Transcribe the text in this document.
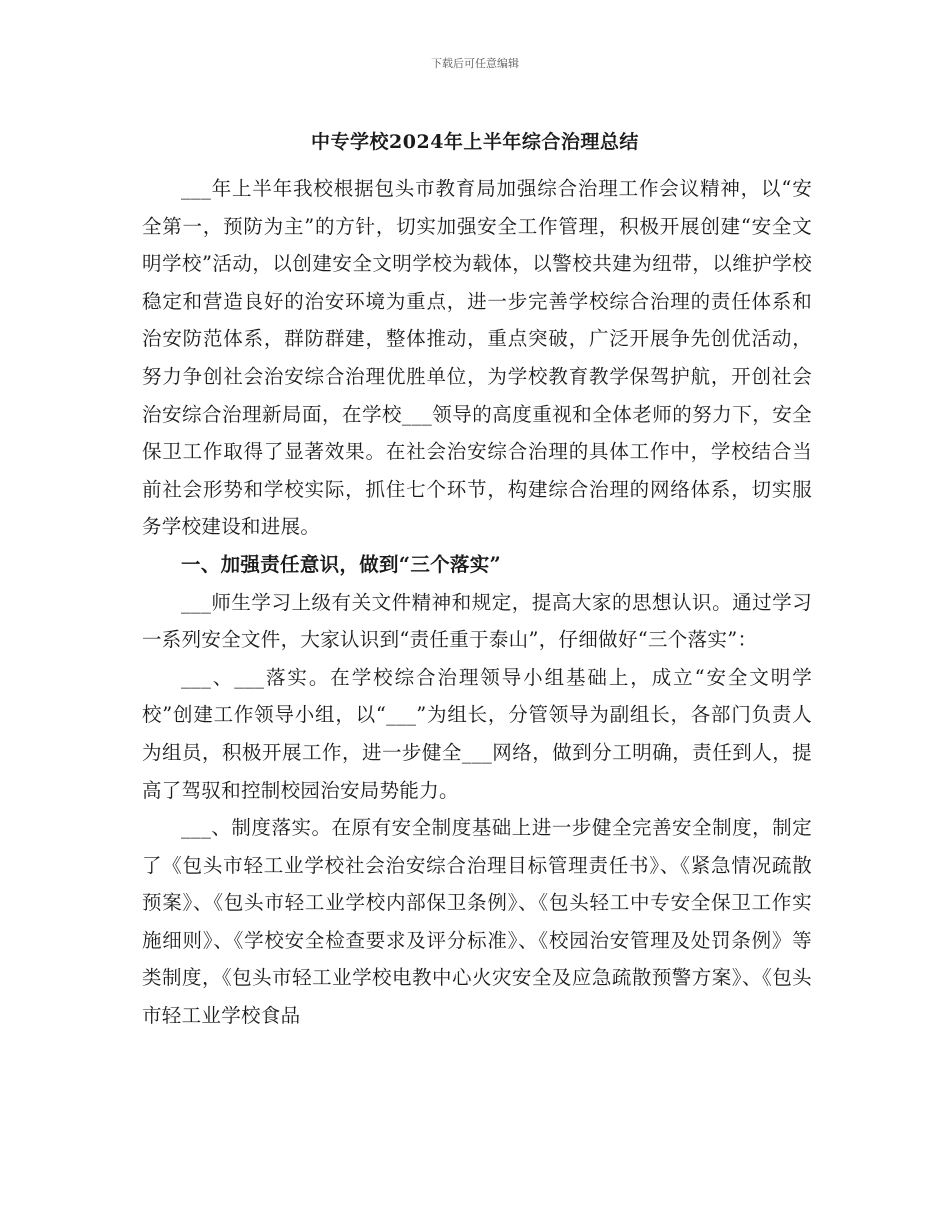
下载后可任意编辑
中专学校2024年上半年综合治理总结

___年上半年我校根据包头市教育局加强综合治理工作会议精神，以“安全第一，预防为主”的方针，切实加强安全工作管理，积极开展创建“安全文明学校”活动，以创建安全文明学校为载体，以警校共建为纽带，以维护学校稳定和营造良好的治安环境为重点，进一步完善学校综合治理的责任体系和治安防范体系，群防群建，整体推动，重点突破，广泛开展争先创优活动，努力争创社会治安综合治理优胜单位，为学校教育教学保驾护航，开创社会治安综合治理新局面，在学校___领导的高度重视和全体老师的努力下，安全保卫工作取得了显著效果。在社会治安综合治理的具体工作中，学校结合当前社会形势和学校实际，抓住七个环节，构建综合治理的网络体系，切实服务学校建设和进展。

一、加强责任意识，做到“三个落实”

___师生学习上级有关文件精神和规定，提高大家的思想认识。通过学习一系列安全文件，大家认识到“责任重于泰山”，仔细做好“三个落实”：

___、___落实。在学校综合治理领导小组基础上，成立“安全文明学校”创建工作领导小组，以“___”为组长，分管领导为副组长，各部门负责人为组员，积极开展工作，进一步健全___网络，做到分工明确，责任到人，提高了驾驭和控制校园治安局势能力。

___、制度落实。在原有安全制度基础上进一步健全完善安全制度，制定了《包头市轻工业学校社会治安综合治理目标管理责任书》、《紧急情况疏散预案》、《包头市轻工业学校内部保卫条例》、《包头轻工中专安全保卫工作实施细则》、《学校安全检查要求及评分标准》、《校园治安管理及处罚条例》等类制度，《包头市轻工业学校电教中心火灾安全及应急疏散预警方案》、《包头市轻工业学校食品
